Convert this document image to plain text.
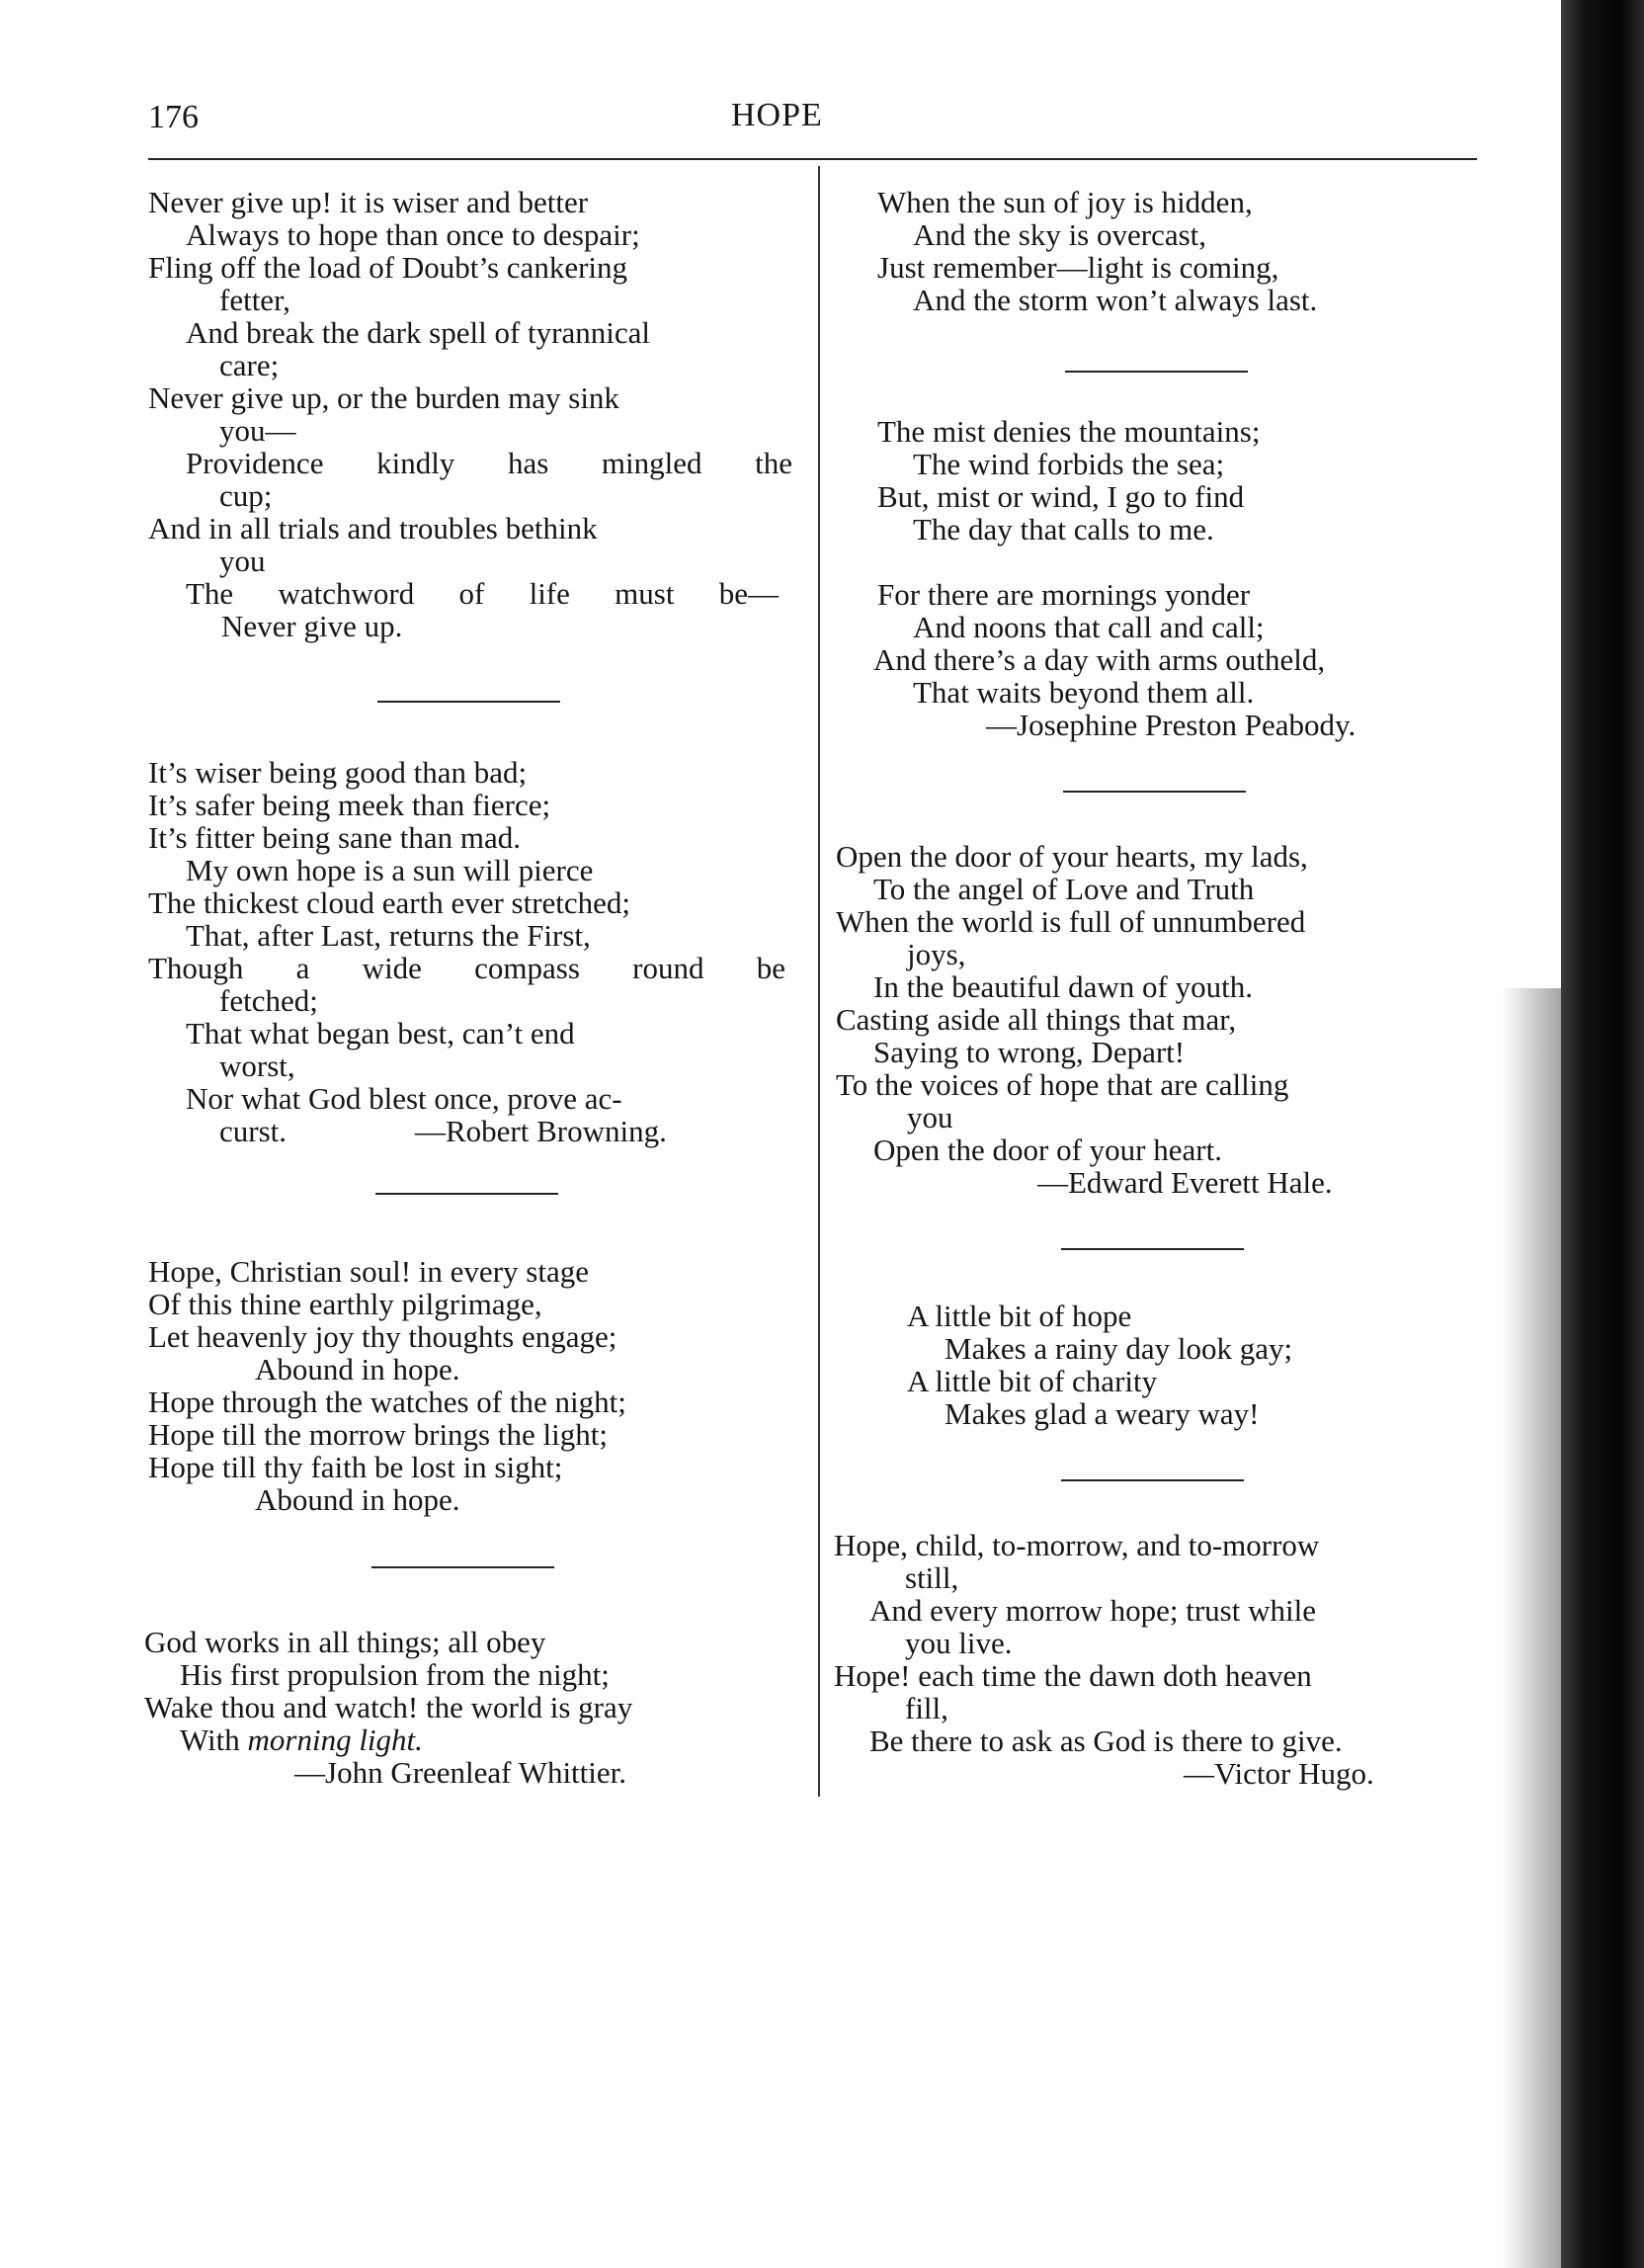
176	HOPE
Never give up! it is wiser and better
Always to hope than once to despair;
Fling off the load of Doubt’s cankering
fetter,
And break the dark spell of tyrannical
care;
Never give up, or the burden may sink
you—
Providence kindly has mingled the
cup;
And in all trials and troubles bethink
you
The watchword of life must be—
Never give up.
It’s wiser being good than bad;
It’s safer being meek than fierce;
It’s fitter being sane than mad.
My own hope is a sun will pierce
The thickest cloud earth ever stretched;
That, after Last, returns the First,
Though a wide compass round be
fetched;
That what began best, can’t end
worst,
Nor what God blest once, prove ac-
curst.	—Robert Browning.
Hope, Christian soul! in every stage
Of this thine earthly pilgrimage,
Let heavenly joy thy thoughts engage;
Abound in hope.
Hope through the watches of the night;
Hope till the morrow brings the light;
Hope till thy faith be lost in sight;
Abound in hope.
God works in all things; all obey
His first propulsion from the night;
Wake thou and watch! the world is gray
With morning light.
—John Greenleaf Whittier.
When the sun of joy is hidden,
And the sky is overcast,
Just remember—light is coming,
And the storm won’t always last.
The mist denies the mountains;
The wind forbids the sea;
But, mist or wind, I go to find
The day that calls to me.
For there are mornings yonder
And noons that call and call;
And there’s a day with arms outheld,
That waits beyond them all.
—Josephine Preston Peabody.
Open the door of your hearts, my lads,
To the angel of Love and Truth
When the world is full of unnumbered
joys,
In the beautiful dawn of youth.
Casting aside all things that mar,
Saying to wrong, Depart!
To the voices of hope that are calling
you
Open the door of your heart.
—Edward Everett Hale.
A little bit of hope
Makes a rainy day look gay;
A little bit of charity
Makes glad a weary way!
Hope, child, to-morrow, and to-morrow
still,
And every morrow hope; trust while
you live.
Hope! each time the dawn doth heaven
fill,
Be there to ask as God is there to give.
—Victor Hugo.
